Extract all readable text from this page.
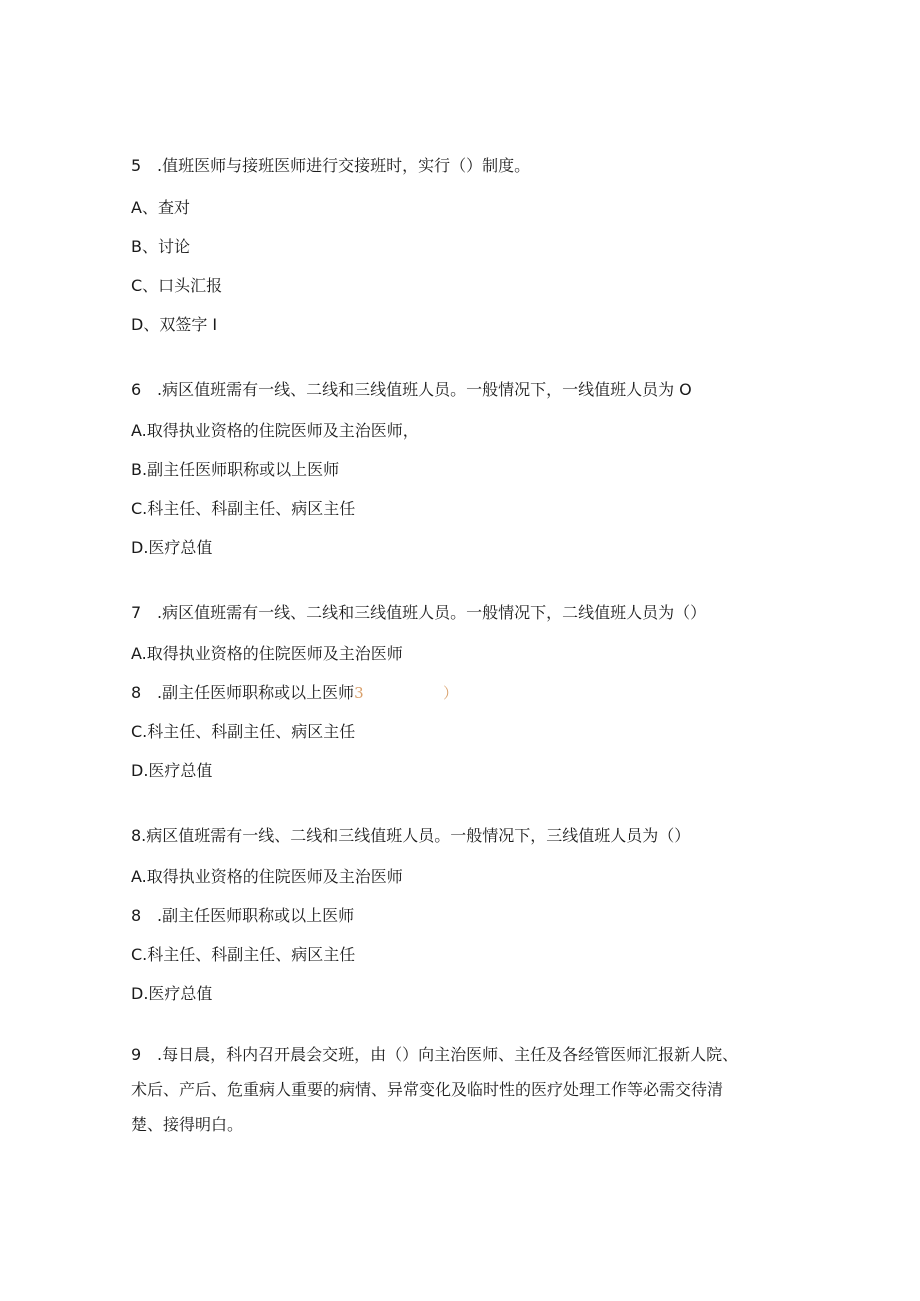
5 .值班医师与接班医师进行交接班时，实行（）制度。
A、查对
B、讨论
C、口头汇报
D、双签字 I
6 .病区值班需有一线、二线和三线值班人员。一般情况下，一线值班人员为 O
A.取得执业资格的住院医师及主治医师，
B.副主任医师职称或以上医师
C.科主任、科副主任、病区主任
D.医疗总值
7 .病区值班需有一线、二线和三线值班人员。一般情况下，二线值班人员为（）
A.取得执业资格的住院医师及主治医师
8 .副主任医师职称或以上医师3	）
C.科主任、科副主任、病区主任
D.医疗总值
8.病区值班需有一线、二线和三线值班人员。一般情况下，三线值班人员为（）
A.取得执业资格的住院医师及主治医师
8 .副主任医师职称或以上医师
C.科主任、科副主任、病区主任
D.医疗总值
9 .每日晨，科内召开晨会交班，由（）向主治医师、主任及各经管医师汇报新人院、
术后、产后、危重病人重要的病情、异常变化及临时性的医疗处理工作等必需交待清
楚、接得明白。
